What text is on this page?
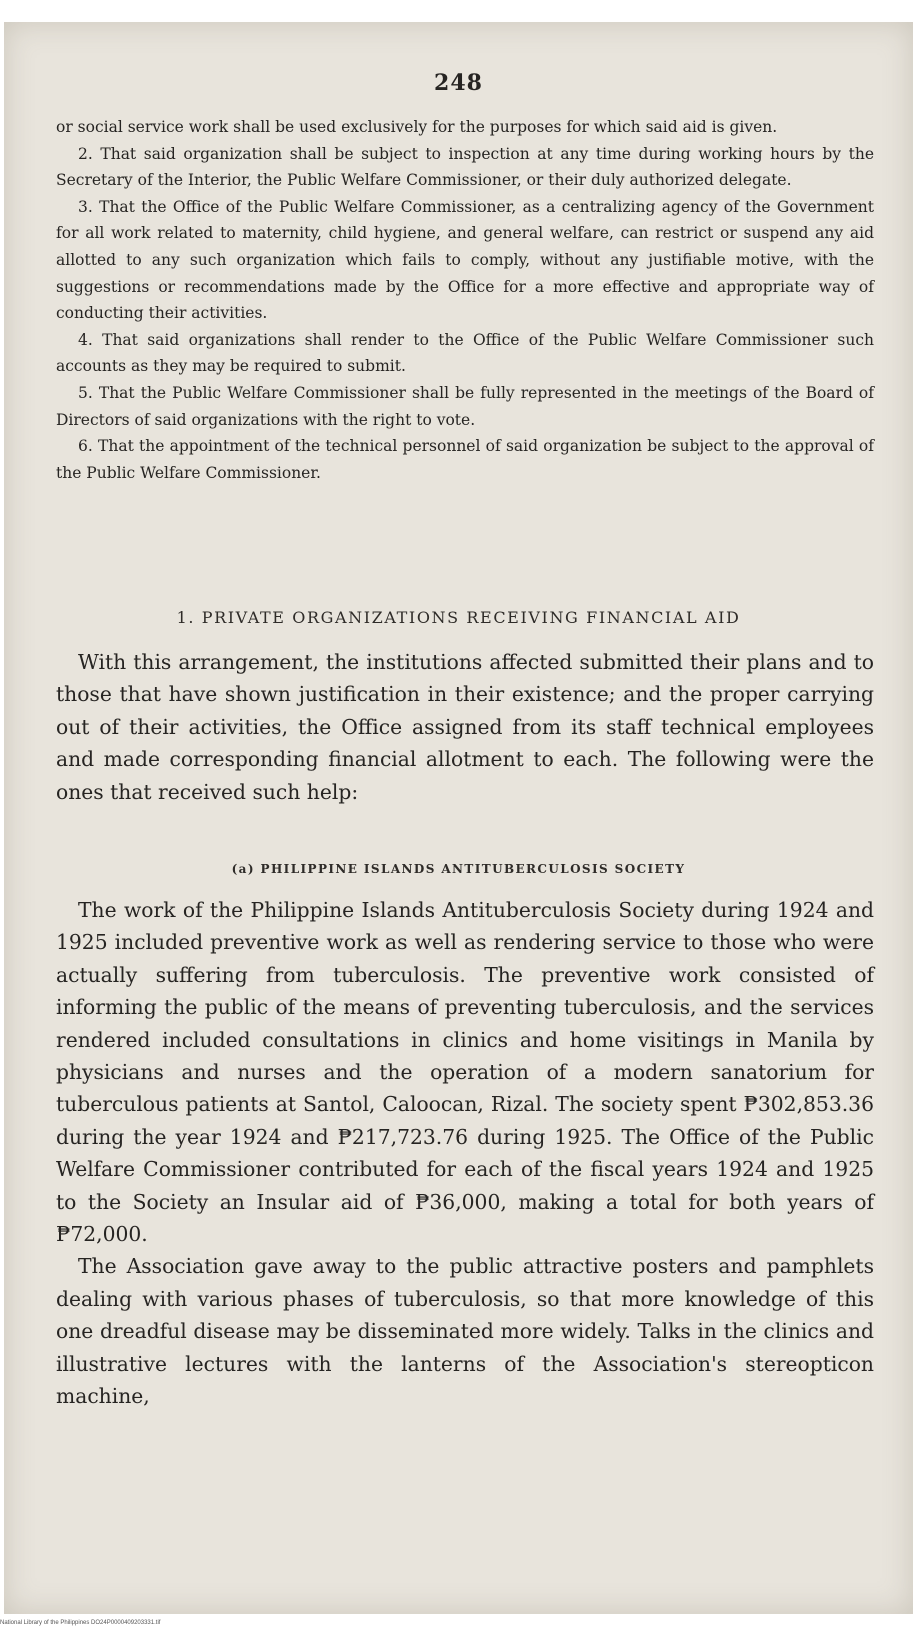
248

or social service work shall be used exclusively for the purposes for which said aid is given.

2. That said organization shall be subject to inspection at any time during working hours by the Secretary of the Interior, the Public Welfare Commissioner, or their duly authorized delegate.

3. That the Office of the Public Welfare Commissioner, as a centralizing agency of the Government for all work related to maternity, child hygiene, and general welfare, can restrict or suspend any aid allotted to any such organization which fails to comply, without any justifiable motive, with the suggestions or recommendations made by the Office for a more effective and appropriate way of conducting their activities.

4. That said organizations shall render to the Office of the Public Welfare Commissioner such accounts as they may be required to submit.

5. That the Public Welfare Commissioner shall be fully represented in the meetings of the Board of Directors of said organizations with the right to vote.

6. That the appointment of the technical personnel of said organization be subject to the approval of the Public Welfare Commissioner.

1. PRIVATE ORGANIZATIONS RECEIVING FINANCIAL AID

With this arrangement, the institutions affected submitted their plans and to those that have shown justification in their existence; and the proper carrying out of their activities, the Office assigned from its staff technical employees and made corresponding financial allotment to each. The following were the ones that received such help:

(a) PHILIPPINE ISLANDS ANTITUBERCULOSIS SOCIETY

The work of the Philippine Islands Antituberculosis Society during 1924 and 1925 included preventive work as well as rendering service to those who were actually suffering from tuberculosis. The preventive work consisted of informing the public of the means of preventing tuberculosis, and the services rendered included consultations in clinics and home visitings in Manila by physicians and nurses and the operation of a modern sanatorium for tuberculous patients at Santol, Caloocan, Rizal. The society spent ₱302,853.36 during the year 1924 and ₱217,723.76 during 1925. The Office of the Public Welfare Commissioner contributed for each of the fiscal years 1924 and 1925 to the Society an Insular aid of ₱36,000, making a total for both years of ₱72,000.

The Association gave away to the public attractive posters and pamphlets dealing with various phases of tuberculosis, so that more knowledge of this one dreadful disease may be disseminated more widely. Talks in the clinics and illustrative lectures with the lanterns of the Association's stereopticon machine,

National Library of the Philippines DO24P0000409203331.tif
